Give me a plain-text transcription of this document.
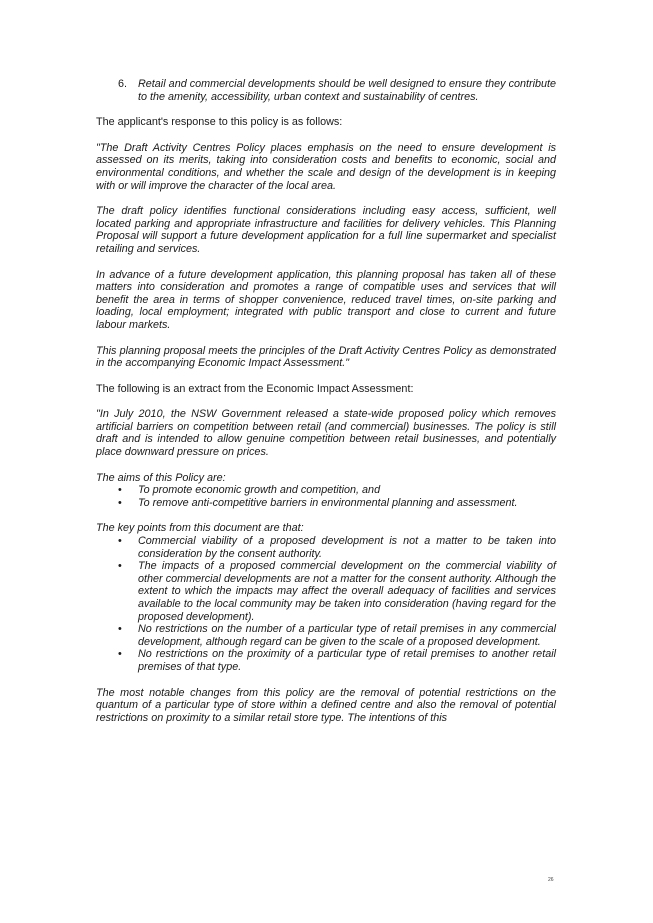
6.	Retail and commercial developments should be well designed to ensure they contribute to the amenity, accessibility, urban context and sustainability of centres.

The applicant's response to this policy is as follows:

"The Draft Activity Centres Policy places emphasis on the need to ensure development is assessed on its merits, taking into consideration costs and benefits to economic, social and environmental conditions, and whether the scale and design of the development is in keeping with or will improve the character of the local area.

The draft policy identifies functional considerations including easy access, sufficient, well located parking and appropriate infrastructure and facilities for delivery vehicles. This Planning Proposal will support a future development application for a full line supermarket and specialist retailing and services.

In advance of a future development application, this planning proposal has taken all of these matters into consideration and promotes a range of compatible uses and services that will benefit the area in terms of shopper convenience, reduced travel times, on-site parking and loading, local employment; integrated with public transport and close to current and future labour markets.

This planning proposal meets the principles of the Draft Activity Centres Policy as demonstrated in the accompanying Economic Impact Assessment."

The following is an extract from the Economic Impact Assessment:

"In July 2010, the NSW Government released a state-wide proposed policy which removes artificial barriers on competition between retail (and commercial) businesses. The policy is still draft and is intended to allow genuine competition between retail businesses, and potentially place downward pressure on prices.

The aims of this Policy are:

•	To promote economic growth and competition, and

•	To remove anti-competitive barriers in environmental planning and assessment.

The key points from this document are that:

•	Commercial viability of a proposed development is not a matter to be taken into consideration by the consent authority.

•	The impacts of a proposed commercial development on the commercial viability of other commercial developments are not a matter for the consent authority. Although the extent to which the impacts may affect the overall adequacy of facilities and services available to the local community may be taken into consideration (having regard for the proposed development).

•	No restrictions on the number of a particular type of retail premises in any commercial development, although regard can be given to the scale of a proposed development.

•	No restrictions on the proximity of a particular type of retail premises to another retail premises of that type.

The most notable changes from this policy are the removal of potential restrictions on the quantum of a particular type of store within a defined centre and also the removal of potential restrictions on proximity to a similar retail store type. The intentions of this

26
